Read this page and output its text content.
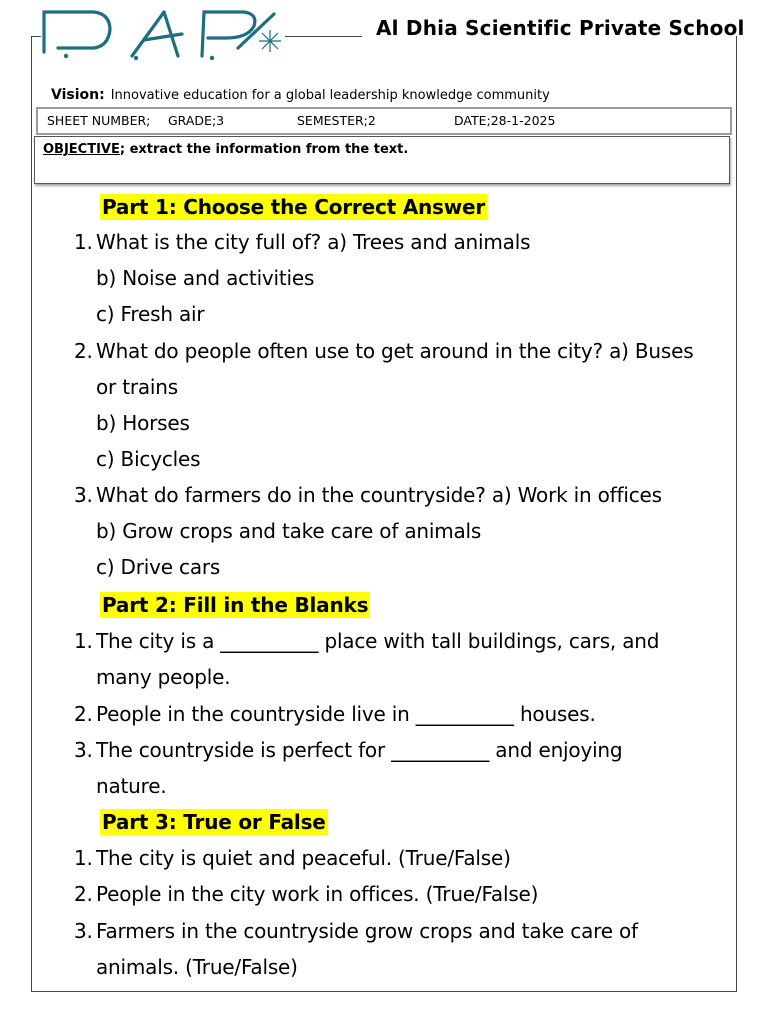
Al Dhia Scientific Private School
Vision: Innovative education for a global leadership knowledge community
SHEET NUMBER; GRADE;3	SEMESTER;2	DATE;28-1-2025
OBJECTIVE; extract the information from the text.
Part 1: Choose the Correct Answer
1. What is the city full of? a) Trees and animals
b) Noise and activities
c) Fresh air
2. What do people often use to get around in the city? a) Buses
or trains
b) Horses
c) Bicycles
3. What do farmers do in the countryside? a) Work in offices
b) Grow crops and take care of animals
c) Drive cars
Part 2: Fill in the Blanks
1. The city is a __________ place with tall buildings, cars, and
many people.
2. People in the countryside live in __________ houses.
3. The countryside is perfect for __________ and enjoying
nature.
Part 3: True or False
1. The city is quiet and peaceful. (True/False)
2. People in the city work in offices. (True/False)
3. Farmers in the countryside grow crops and take care of
animals. (True/False)
